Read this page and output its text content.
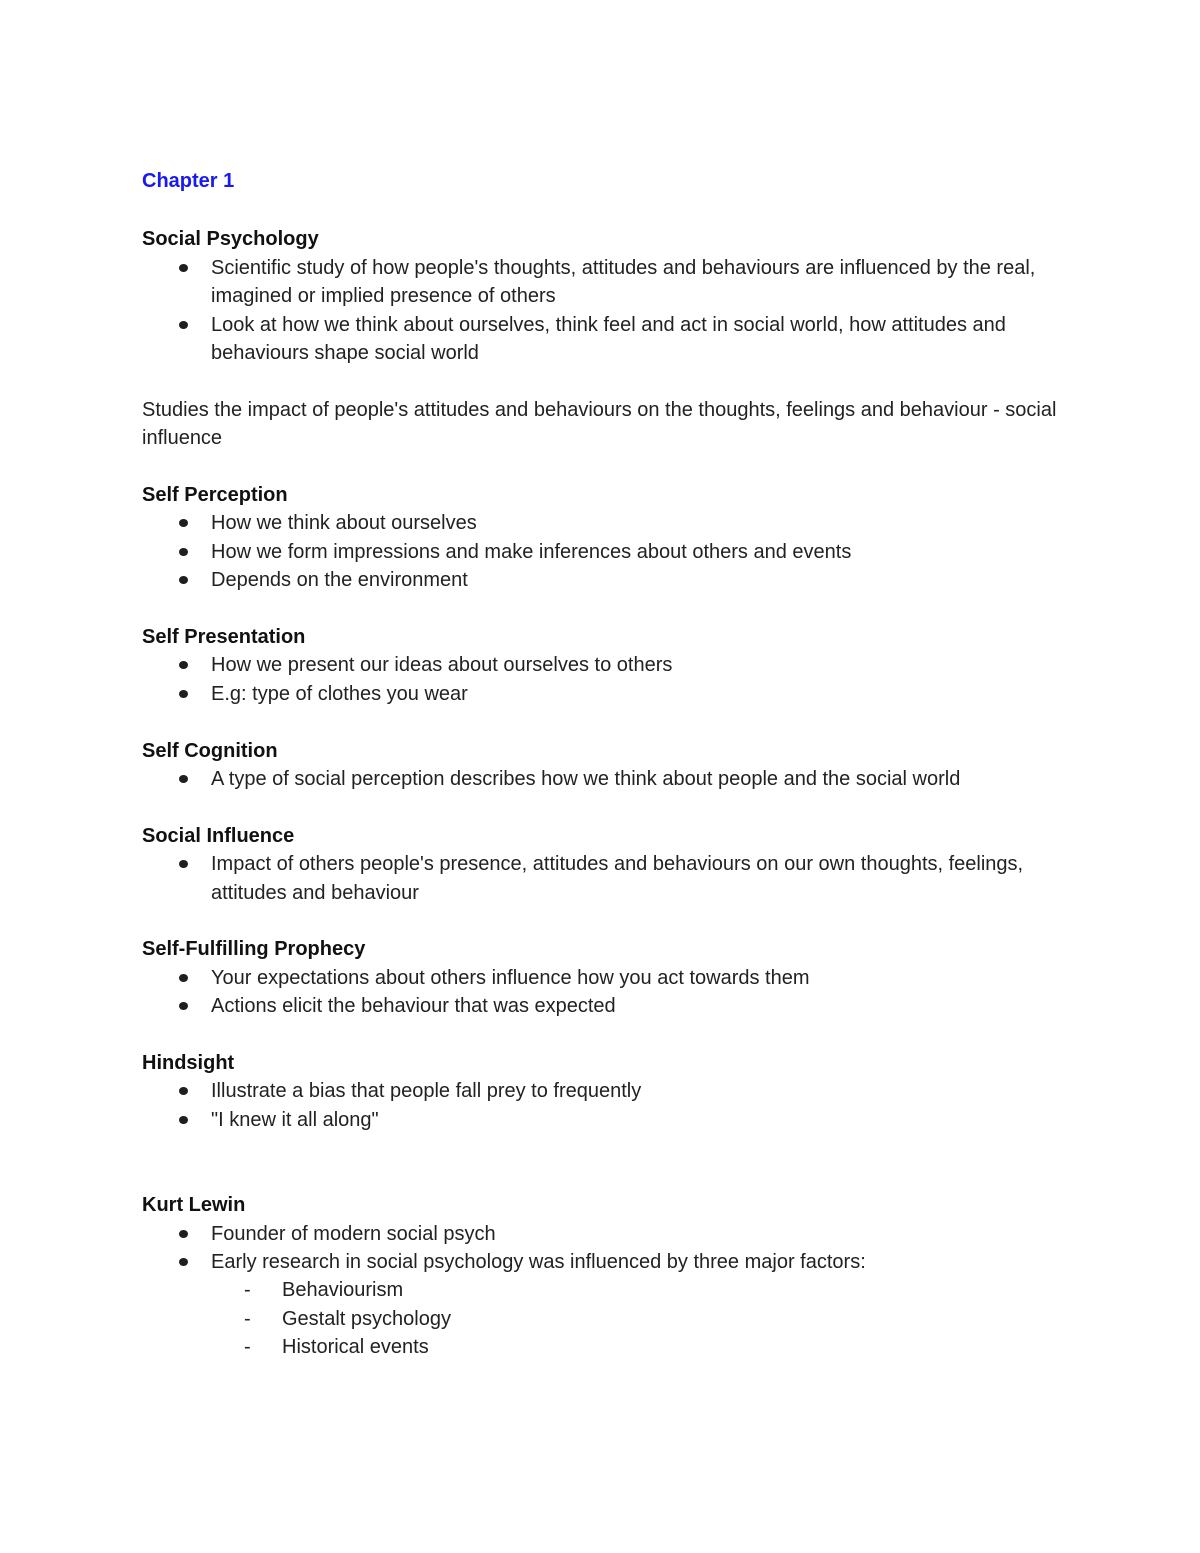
Chapter 1
Social Psychology
Scientific study of how people's thoughts, attitudes and behaviours are influenced by the real, imagined or implied presence of others
Look at how we think about ourselves, think feel and act in social world, how attitudes and behaviours shape social world
Studies the impact of people's attitudes and behaviours on the thoughts, feelings and behaviour - social influence
Self Perception
How we think about ourselves
How we form impressions and make inferences about others and events
Depends on the environment
Self Presentation
How we present our ideas about ourselves to others
E.g: type of clothes you wear
Self Cognition
A type of social perception describes how we think about people and the social world
Social Influence
Impact of others people's presence, attitudes and behaviours on our own thoughts, feelings, attitudes and behaviour
Self-Fulfilling Prophecy
Your expectations about others influence how you act towards them
Actions elicit the behaviour that was expected
Hindsight
Illustrate a bias that people fall prey to frequently
"I knew it all along"
Kurt Lewin
Founder of modern social psych
Early research in social psychology was influenced by three major factors:
- Behaviourism
- Gestalt psychology
- Historical events
